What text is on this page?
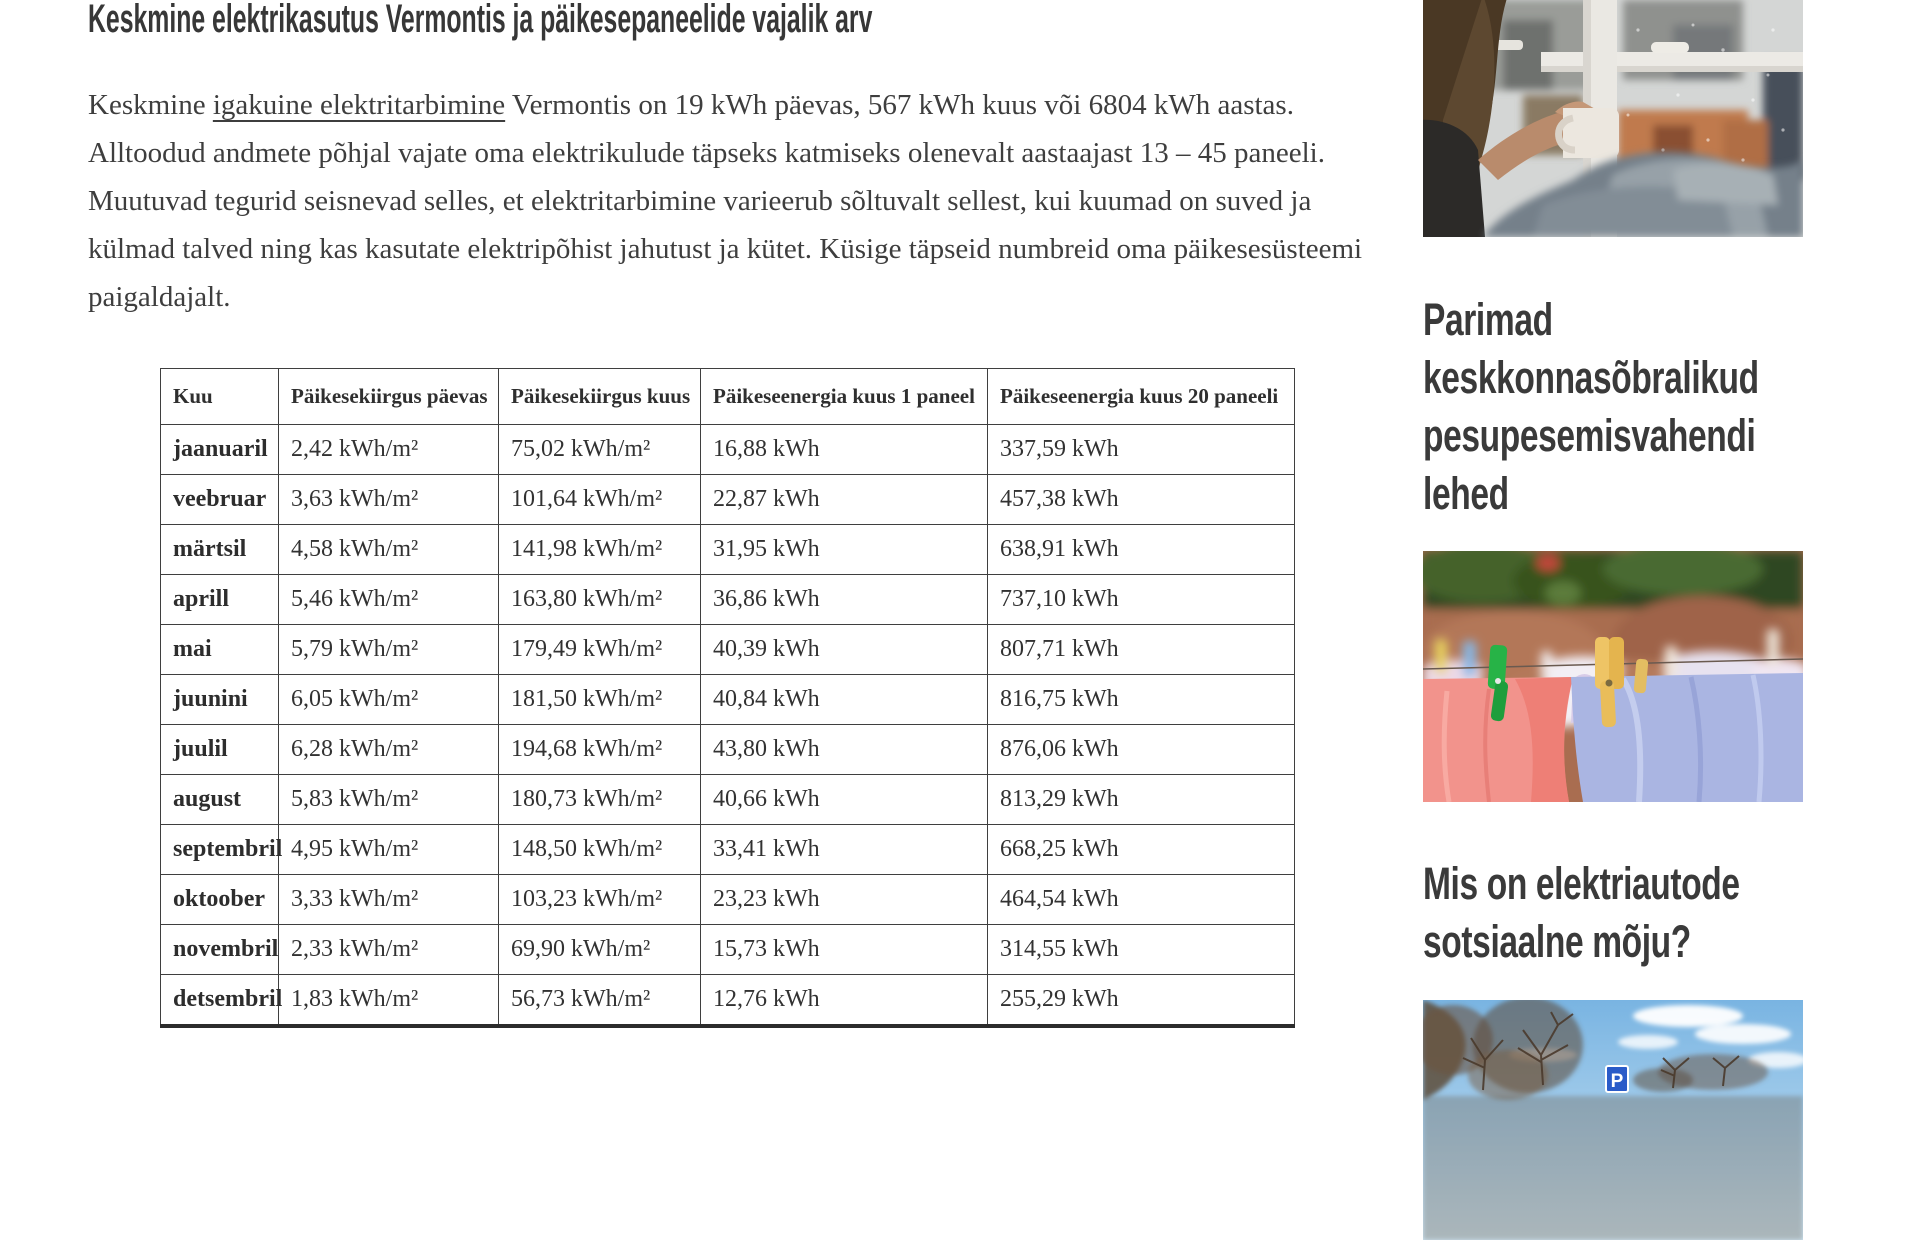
Keskmine elektrikasutus Vermontis ja päikesepaneelide vajalik arv

Keskmine igakuine elektritarbimine Vermontis on 19 kWh päevas, 567 kWh kuus või 6804 kWh aastas. Alltoodud andmete põhjal vajate oma elektrikulude täpseks katmiseks olenevalt aastaajast 13 – 45 paneeli. Muutuvad tegurid seisnevad selles, et elektritarbimine varieerub sõltuvalt sellest, kui kuumad on suved ja külmad talved ning kas kasutate elektripõhist jahutust ja kütet. Küsige täpseid numbreid oma päikesesüsteemi paigaldajalt.

Kuu	Päikesekiirgus päevas	Päikesekiirgus kuus	Päikeseenergia kuus 1 paneel	Päikeseenergia kuus 20 paneeli
jaanuaril	2,42 kWh/m²	75,02 kWh/m²	16,88 kWh	337,59 kWh
veebruar	3,63 kWh/m²	101,64 kWh/m²	22,87 kWh	457,38 kWh
märtsil	4,58 kWh/m²	141,98 kWh/m²	31,95 kWh	638,91 kWh
aprill	5,46 kWh/m²	163,80 kWh/m²	36,86 kWh	737,10 kWh
mai	5,79 kWh/m²	179,49 kWh/m²	40,39 kWh	807,71 kWh
juunini	6,05 kWh/m²	181,50 kWh/m²	40,84 kWh	816,75 kWh
juulil	6,28 kWh/m²	194,68 kWh/m²	43,80 kWh	876,06 kWh
august	5,83 kWh/m²	180,73 kWh/m²	40,66 kWh	813,29 kWh
septembril	4,95 kWh/m²	148,50 kWh/m²	33,41 kWh	668,25 kWh
oktoober	3,33 kWh/m²	103,23 kWh/m²	23,23 kWh	464,54 kWh
novembril	2,33 kWh/m²	69,90 kWh/m²	15,73 kWh	314,55 kWh
detsembril	1,83 kWh/m²	56,73 kWh/m²	12,76 kWh	255,29 kWh
Parimad keskkonnasõbralikud pesupesemisvahendi lehed
Mis on elektriautode sotsiaalne mõju?
P
